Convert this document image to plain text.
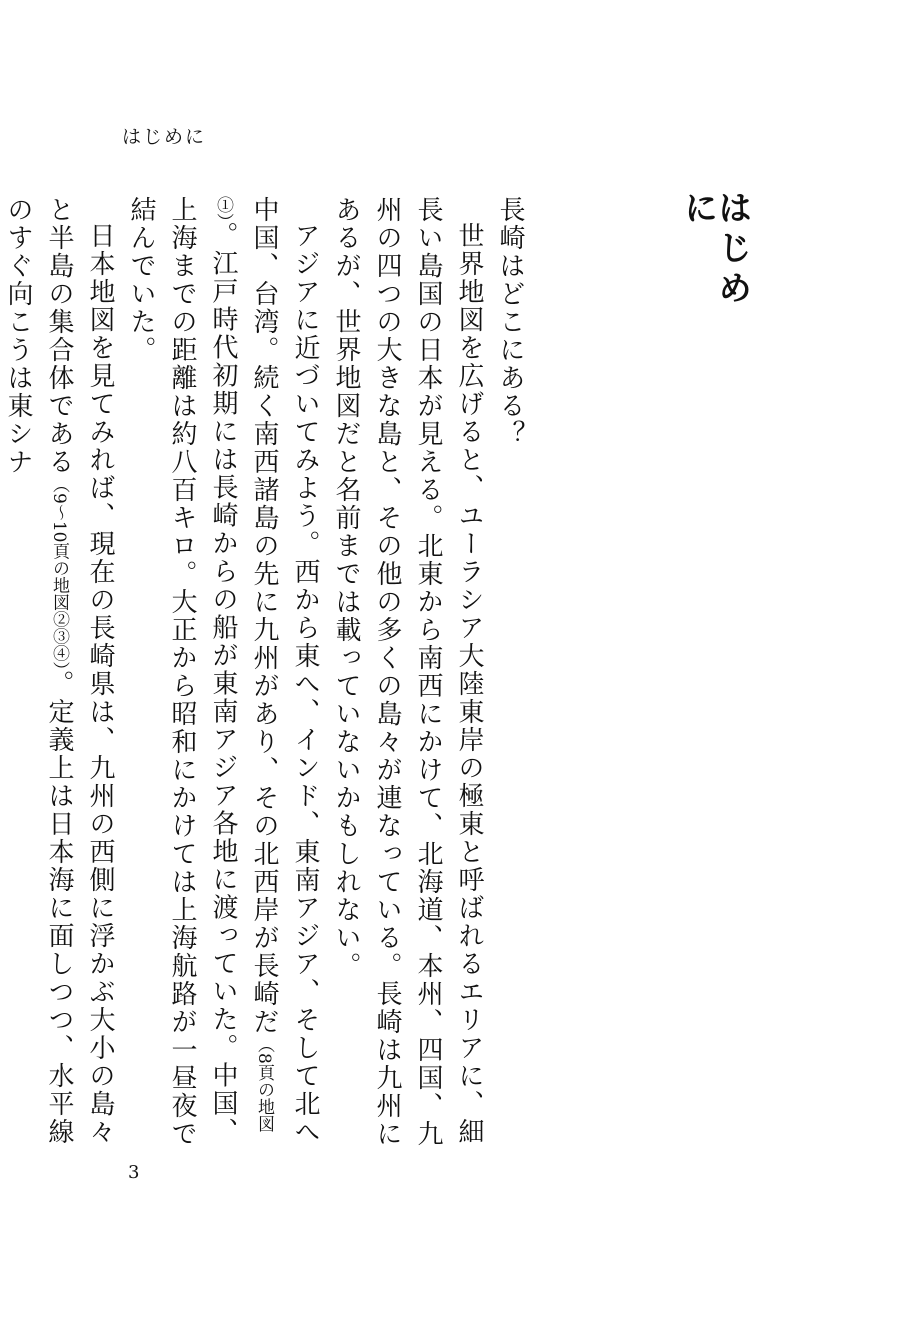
はじめに
はじめに

長崎はどこにある？

世界地図を広げると、ユーラシア大陸東岸の極東と呼ばれるエリアに、細長い島国の日本が見える。北東から南西にかけて、北海道、本州、四国、九州の四つの大きな島と、その他の多くの島々が連なっている。長崎は九州にあるが、世界地図だと名前までは載っていないかもしれない。

アジアに近づいてみよう。西から東へ、インド、東南アジア、そして北へ中国、台湾。続く南西諸島の先に九州があり、その北西岸が長崎だ（8頁の地図①）。江戸時代初期には長崎からの船が東南アジア各地に渡っていた。中国、上海までの距離は約八百キロ。大正から昭和にかけては上海航路が一昼夜で結んでいた。

日本地図を見てみれば、現在の長崎県は、九州の西側に浮かぶ大小の島々と半島の集合体である（9〜10頁の地図②③④）。定義上は日本海に面しつつ、水平線のすぐ向こうは東シナ

3
